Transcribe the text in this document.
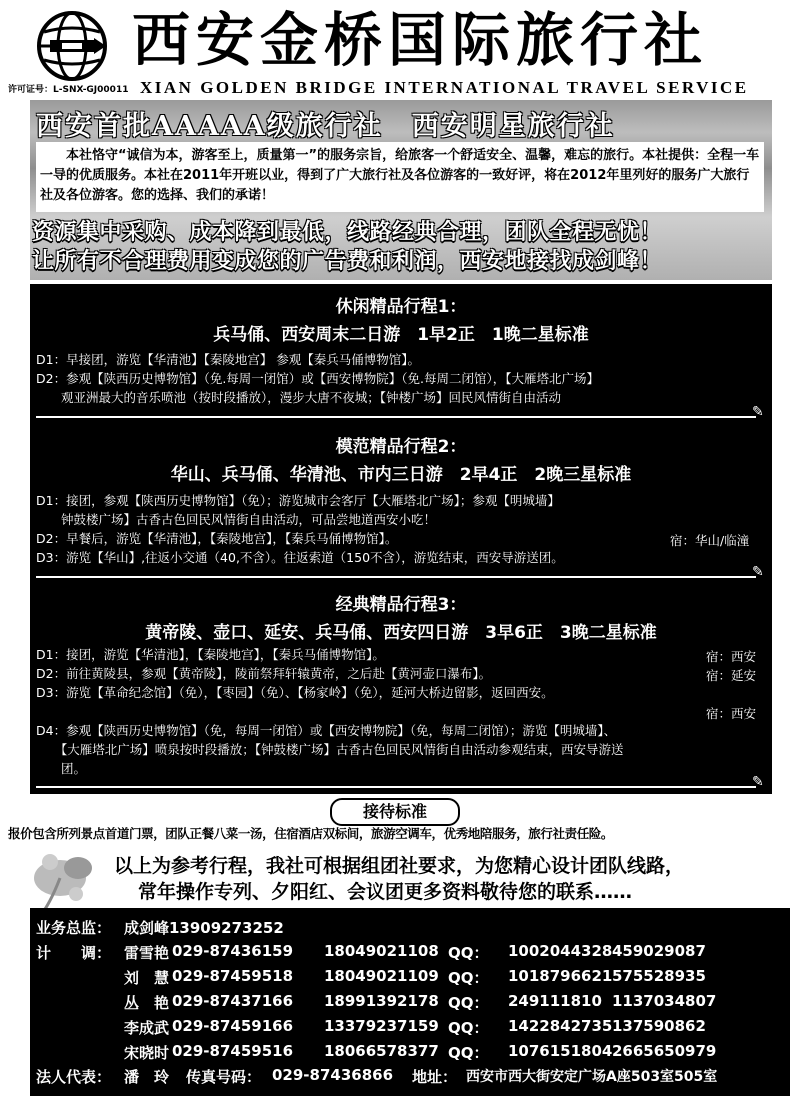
西安金桥国际旅行社
许可证号：L-SNX-GJ00011 XIAN GOLDEN BRIDGE INTERNATIONAL TRAVEL SERVICE
西安首批AAAAA级旅行社　西安明星旅行社
　　本社恪守“诚信为本，游客至上，质量第一”的服务宗旨，给旅客一个舒适安全、温馨，难忘的旅行。本社提供：全程一车一导的优质服务。本社在2011年开班以业，得到了广大旅行社及各位游客的一致好评，将在2012年里列好的服务广大旅行社及各位游客。您的选择、我们的承诺！
资源集中采购、成本降到最低，线路经典合理，团队全程无忧！
让所有不合理费用变成您的广告费和利润，西安地接找成剑峰！
休闲精品行程1：
兵马俑、西安周末二日游　1早2正　1晚二星标准
D1：早接团，游览【华清池】【秦陵地宫】 参观【秦兵马俑博物馆】。
D2：参观【陕西历史博物馆】（免.每周一闭馆）或【西安博物院】（免.每周二闭馆），【大雁塔北广场】
　　观亚洲最大的音乐喷池（按时段播放），漫步大唐不夜城；【钟楼广场】回民风情街自由活动
✎
模范精品行程2：
华山、兵马俑、华清池、市内三日游　2早4正　2晚三星标准
D1：接团，参观【陕西历史博物馆】（免）；游览城市会客厅【大雁塔北广场】；参观【明城墙】
　　钟鼓楼广场】古香古色回民风情街自由活动，可品尝地道西安小吃！
D2：早餐后，游览【华清池】，【秦陵地宫】，【秦兵马俑博物馆】。	宿：华山/临潼
D3：游览【华山】,往返小交通（40,不含）。往返索道（150不含），游览结束，西安导游送团。
✎
经典精品行程3：
黄帝陵、壶口、延安、兵马俑、西安四日游　3早6正　3晚二星标准
D1：接团，游览【华清池】，【秦陵地宫】，【秦兵马俑博物馆】。	宿：西安
D2：前往黄陵县，参观【黄帝陵】，陵前祭拜轩辕黄帝，之后赴【黄河壶口瀑布】。	宿：延安
D3：游览【革命纪念馆】（免），【枣园】（免）、【杨家岭】（免），延河大桥边留影，返回西安。
宿：西安
D4：参观【陕西历史博物馆】（免，每周一闭馆）或【西安博物院】（免，每周二闭馆）；游览【明城墙】、
　　【大雁塔北广场】喷泉按时段播放；【钟鼓楼广场】古香古色回民风情街自由活动参观结束，西安导游送
　　团。
✎
接待标准
报价包含所列景点首道门票，团队正餐八菜一汤，住宿酒店双标间，旅游空调车，优秀地陪服务，旅行社责任险。
以上为参考行程，我社可根据组团社要求，为您精心设计团队线路，
常年操作专列、夕阳红、会议团更多资料敬待您的联系……
业务总监： 成剑峰13909273252
计　　调： 雷雪艳 029-87436159 18049021108 QQ： 1002044328 459029087
刘　慧 029-87459518 18049021109 QQ： 1018796621 575528935
丛　艳 029-87437166 18991392178 QQ： 249111810 1137034807
李成武 029-87459166 13379237159 QQ： 1422842735 137590862
宋晓时 029-87459516 18066578377 QQ： 1076151804 2665650979
法人代表： 潘　玲 传真号码： 029-87436866 地址： 西安市西大街安定广场A座503室505室
